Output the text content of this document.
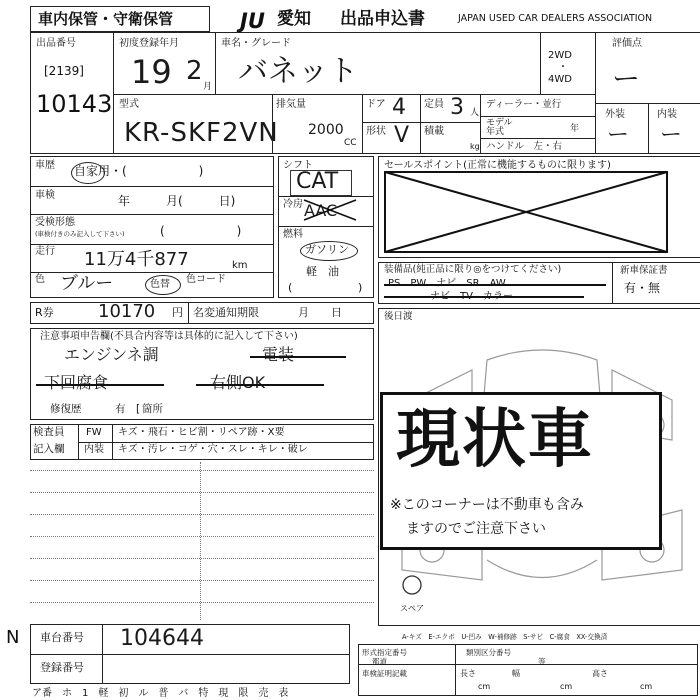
車内保管・守衛保管	JU 愛知 出品申込書	JAPAN USED CAR DEALERS ASSOCIATION
出品番号
[2139]
10143
初度登録年月
19 2
月
車名・グレード
バネット	2WD
・
4WD
評価点
ー
外装	内装
ー ー
型式
KR-SKF2VN
排気量
2000
CC
ドア 4 定員 3 人
形状 V 積載
kg
ディーラー・並行
モデル 年式	年
ハンドル　左・右
車歴 自家用・(　　　　　　)
車検	年　　　月(　　　日)
受検形態
(車検付きのみ記入して下さい)	(　　　　　　)
走行 11万4千877	km
色 ブルー	色替 色コード
シフト
CAT
冷房 AAC
燃料
ガソリン
軽　油
(	)
セールスポイント(正常に機能するものに限ります)
装備品(純正品に限り◎をつけてください)
PS　PW　ナビ　SR　AW
ナビ　TV　カラー
新車保証書
有・無
R券 10170 円 名変通知期限	月　　日
注意事項申告欄(不具合内容等は具体的に記入して下さい)
エンジンネ調	電装
下回腐食	右側OK
修復歴	有 箇所
[
後日渡
スペア
現状車
※このコーナーは不動車も含み
ますのでご注意下さい
検査員
記入欄
FW キズ・飛石・ヒビ割・リペア跡・X要
内装 キズ・汚レ・コゲ・穴・スレ・キレ・破レ
A-キズ　E-エクボ　U-凹み　W-補修跡　S-サビ　C-腐食　XX-交換済
N 車台番号 104644
登録番号
ア番　ホ　1　軽　初　ル　普　バ　特　現　限　売　表
形式指定番号	類別区分番号
都道	等
車検証明記載	長さ	幅	高さ
cm	cm	cm
